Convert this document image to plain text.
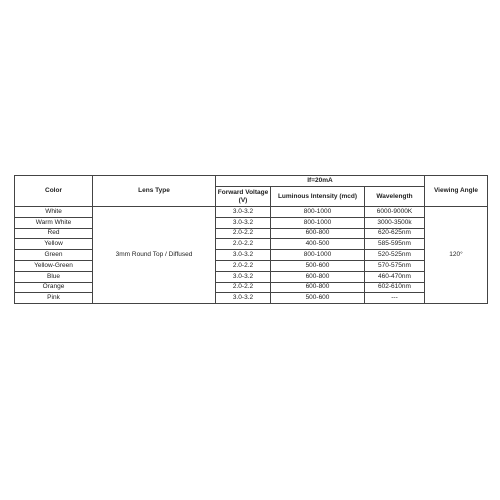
Color	Lens Type	If=20mA			Viewing Angle
		Forward Voltage (V)	Luminous Intensity (mcd)	Wavelength	
White	3mm Round Top / Diffused	3.0-3.2	800-1000	6000-9000K	120°
Warm White		3.0-3.2	800-1000	3000-3500k	
Red		2.0-2.2	600-800	620-625nm	
Yellow		2.0-2.2	400-500	585-595nm	
Green		3.0-3.2	800-1000	520-525nm	
Yellow-Green		2.0-2.2	500-600	570-575nm	
Blue		3.0-3.2	600-800	460-470nm	
Orange		2.0-2.2	600-800	602-610nm	
Pink		3.0-3.2	500-600	---	
